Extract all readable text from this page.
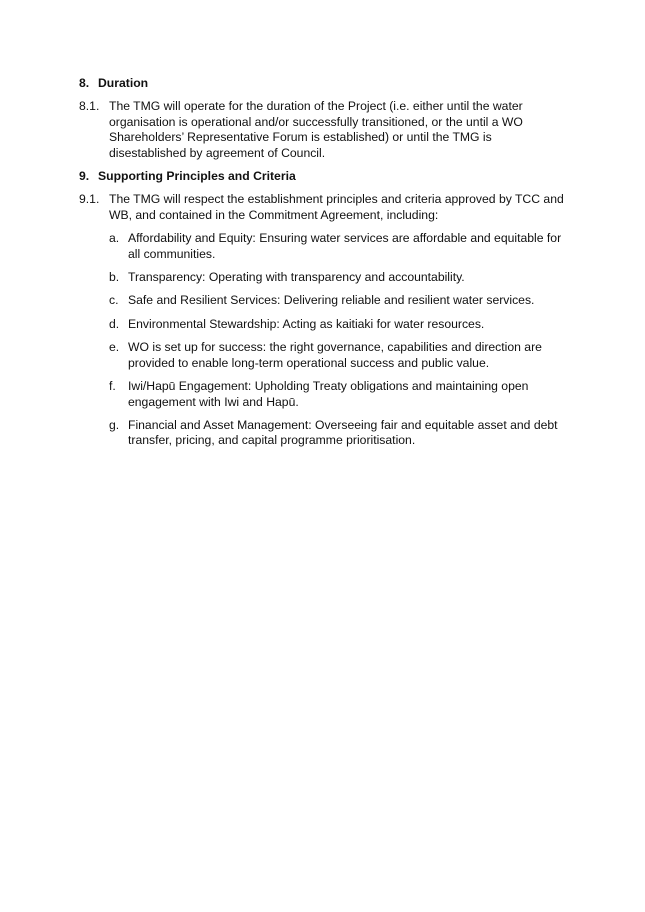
8. Duration
8.1. The TMG will operate for the duration of the Project (i.e. either until the water organisation is operational and/or successfully transitioned, or the until a WO Shareholders’ Representative Forum is established) or until the TMG is disestablished by agreement of Council.
9. Supporting Principles and Criteria
9.1. The TMG will respect the establishment principles and criteria approved by TCC and WB, and contained in the Commitment Agreement, including:
a. Affordability and Equity: Ensuring water services are affordable and equitable for all communities.
b. Transparency: Operating with transparency and accountability.
c. Safe and Resilient Services: Delivering reliable and resilient water services.
d. Environmental Stewardship: Acting as kaitiaki for water resources.
e. WO is set up for success: the right governance, capabilities and direction are provided to enable long-term operational success and public value.
f.	Iwi/Hapū Engagement: Upholding Treaty obligations and maintaining open engagement with Iwi and Hapū.
g. Financial and Asset Management: Overseeing fair and equitable asset and debt transfer, pricing, and capital programme prioritisation.
